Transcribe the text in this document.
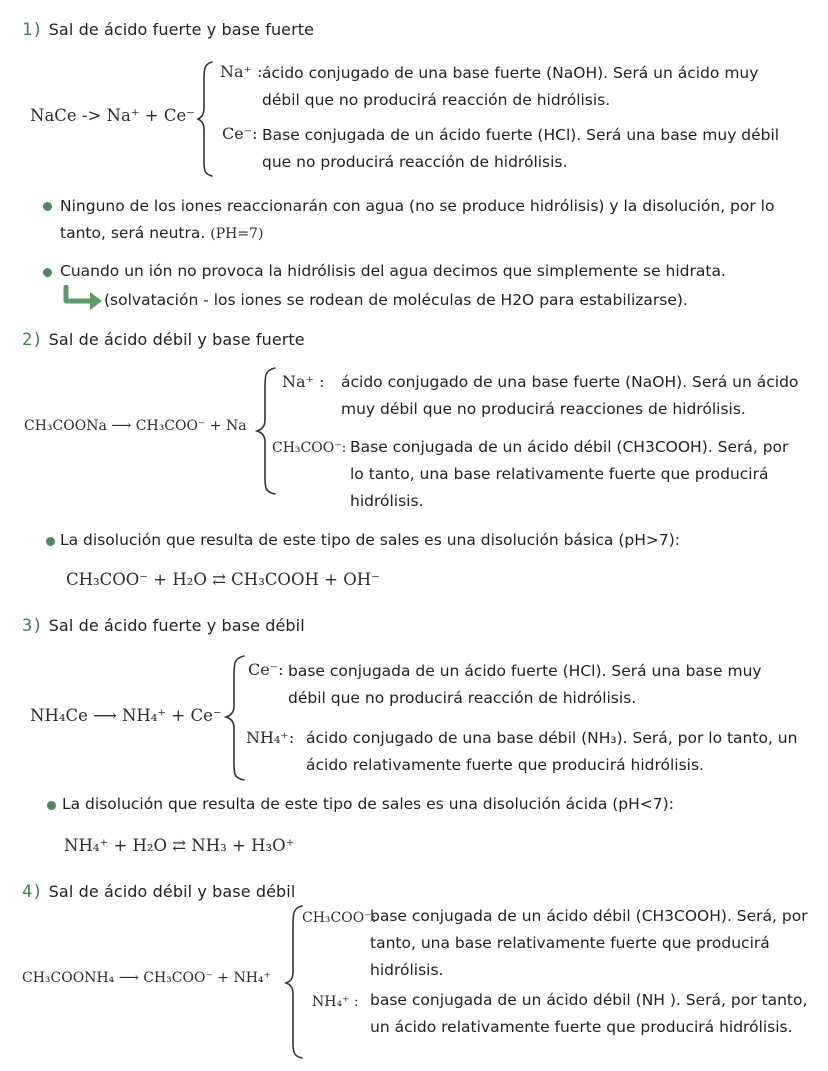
1) Sal de ácido fuerte y base fuerte
NaCe -> Na⁺ + Ce⁻
Na⁺ : ácido conjugado de una base fuerte (NaOH). Será un ácido muy débil que no producirá reacción de hidrólisis.
Ce⁻: Base conjugada de un ácido fuerte (HCl). Será una base muy débil que no producirá reacción de hidrólisis.
Ninguno de los iones reaccionarán con agua (no se produce hidrólisis) y la disolución, por lo tanto, será neutra. (PH=7)
Cuando un ión no provoca la hidrólisis del agua decimos que simplemente se hidrata.
(solvatación - los iones se rodean de moléculas de H2O para estabilizarse).
2) Sal de ácido débil y base fuerte
CH₃COONa ⟶ CH₃COO⁻ + Na
Na⁺ : ácido conjugado de una base fuerte (NaOH). Será un ácido muy débil que no producirá reacciones de hidrólisis.
CH₃COO⁻: Base conjugada de un ácido débil (CH3COOH). Será, por lo tanto, una base relativamente fuerte que producirá hidrólisis.
La disolución que resulta de este tipo de sales es una disolución básica (pH>7):
CH₃COO⁻ + H₂O ⇄ CH₃COOH + OH⁻
3) Sal de ácido fuerte y base débil
NH₄Ce ⟶ NH₄⁺ + Ce⁻
Ce⁻: base conjugada de un ácido fuerte (HCl). Será una base muy débil que no producirá reacción de hidrólisis.
NH₄⁺: ácido conjugado de una base débil (NH₃). Será, por lo tanto, un ácido relativamente fuerte que producirá hidrólisis.
La disolución que resulta de este tipo de sales es una disolución ácida (pH<7):
NH₄⁺ + H₂O ⇄ NH₃ + H₃O⁺
4) Sal de ácido débil y base débil
CH₃COONH₄ ⟶ CH₃COO⁻ + NH₄⁺
CH₃COO⁻:
base conjugada de un ácido débil (CH3COOH). Será, por tanto, una base relativamente fuerte que producirá hidrólisis.
NH₄⁺ : base conjugada de un ácido débil (NH ). Será, por tanto, un ácido relativamente fuerte que producirá hidrólisis.
